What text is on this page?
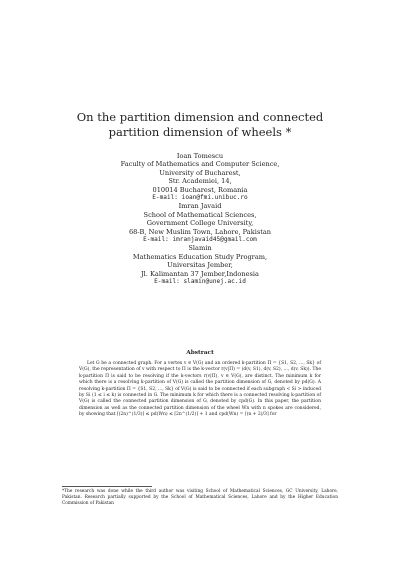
On the partition dimension and connected
partition dimension of wheels *
Ioan Tomescu
Faculty of Mathematics and Computer Science,
University of Bucharest,
Str. Academiei, 14,
010014 Bucharest, Romania
E-mail: ioan@fmi.unibuc.ro
Imran Javaid
School of Mathematical Sciences,
Government College University,
68-B, New Muslim Town, Lahore, Pakistan
E-mail: imranjavaid45@gmail.com
Slamin
Mathematics Education Study Program,
Universitas Jember,
Jl. Kalimantan 37 Jember,Indonesia
E-mail: slamin@unej.ac.id
Abstract
Let G be a connected graph. For a vertex v ∈ V(G) and an ordered k-partition Π = {S1, S2, ..., Sk} of V(G), the representation of v with respect to Π is the k-vector r(v|Π) = (d(v, S1), d(v, S2), ..., d(v, Sk)). The k-partition Π is said to be resolving if the k-vectors r(v|Π), v ∈ V(G), are distinct. The minimum k for which there is a resolving k-partition of V(G) is called the partition dimension of G, denoted by pd(G). A resolving k-partition Π = {S1, S2, ..., Sk} of V(G) is said to be connected if each subgraph < Si > induced by Si (1 ≤ i ≤ k) is connected in G. The minimum k for which there is a connected resolving k-partition of V(G) is called the connected partition dimension of G, denoted by cpd(G). In this paper, the partition dimension as well as the connected partition dimension of the wheel Wn with n spokes are considered, by showing that ⌈(2n)^(1/3)⌉ ≤ pd(Wn) ≤ ⌈2n^(1/2)⌉ + 1 and cpd(Wn) = ⌈(n + 2)/3⌉ for
*The research was done while the third author was visiting School of Mathematical Sciences, GC University, Lahore, Pakistan. Research partially supported by the School of Mathematical Sciences, Lahore and by the Higher Education Commission of Pakistan
